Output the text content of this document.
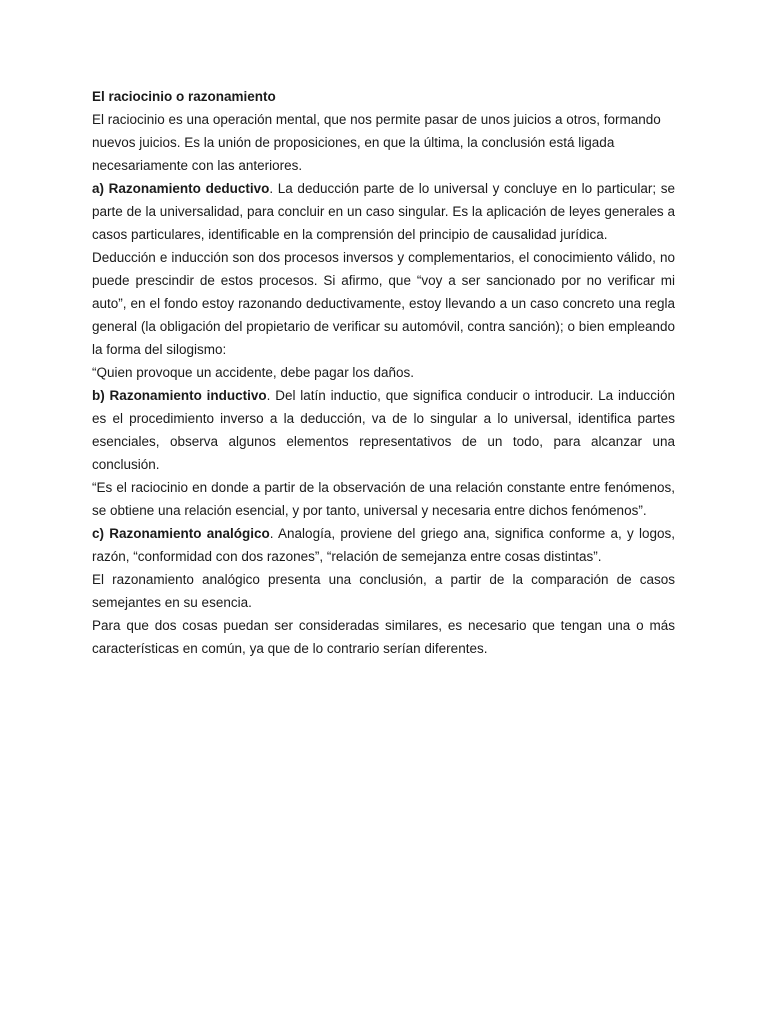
El raciocinio o razonamiento

El raciocinio es una operación mental, que nos permite pasar de unos juicios a otros, formando nuevos juicios. Es la unión de proposiciones, en que la última, la conclusión está ligada necesariamente con las anteriores.

a) Razonamiento deductivo. La deducción parte de lo universal y concluye en lo particular; se parte de la universalidad, para concluir en un caso singular. Es la aplicación de leyes generales a casos particulares, identificable en la comprensión del principio de causalidad jurídica.

Deducción e inducción son dos procesos inversos y complementarios, el conocimiento válido, no puede prescindir de estos procesos. Si afirmo, que “voy a ser sancionado por no verificar mi auto”, en el fondo estoy razonando deductivamente, estoy llevando a un caso concreto una regla general (la obligación del propietario de verificar su automóvil, contra sanción); o bien empleando la forma del silogismo:

“Quien provoque un accidente, debe pagar los daños.

b) Razonamiento inductivo. Del latín inductio, que significa conducir o introducir. La inducción es el procedimiento inverso a la deducción, va de lo singular a lo universal, identifica partes esenciales, observa algunos elementos representativos de un todo, para alcanzar una conclusión.

“Es el raciocinio en donde a partir de la observación de una relación constante entre fenómenos, se obtiene una relación esencial, y por tanto, universal y necesaria entre dichos fenómenos”.

c) Razonamiento analógico. Analogía, proviene del griego ana, significa conforme a, y logos, razón, “conformidad con dos razones”, “relación de semejanza entre cosas distintas”.

El razonamiento analógico presenta una conclusión, a partir de la comparación de casos semejantes en su esencia.

Para que dos cosas puedan ser consideradas similares, es necesario que tengan una o más características en común, ya que de lo contrario serían diferentes.
